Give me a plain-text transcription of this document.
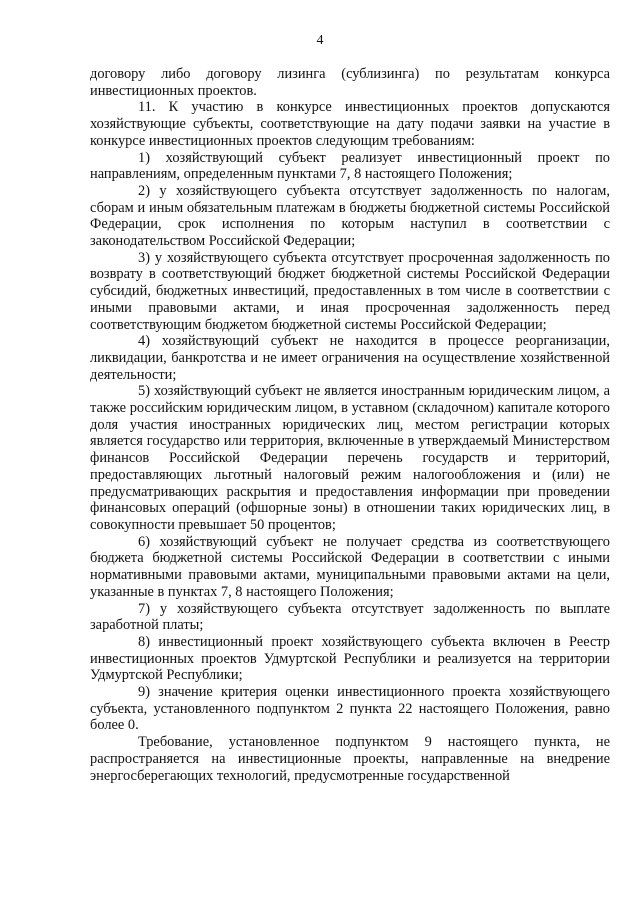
4

договору либо договору лизинга (сублизинга) по результатам конкурса инвестиционных проектов.

11. К участию в конкурсе инвестиционных проектов допускаются хозяйствующие субъекты, соответствующие на дату подачи заявки на участие в конкурсе инвестиционных проектов следующим требованиям:

1) хозяйствующий субъект реализует инвестиционный проект по направлениям, определенным пунктами 7, 8 настоящего Положения;

2) у хозяйствующего субъекта отсутствует задолженность по налогам, сборам и иным обязательным платежам в бюджеты бюджетной системы Российской Федерации, срок исполнения по которым наступил в соответствии с законодательством Российской Федерации;

3) у хозяйствующего субъекта отсутствует просроченная задолженность по возврату в соответствующий бюджет бюджетной системы Российской Федерации субсидий, бюджетных инвестиций, предоставленных в том числе в соответствии с иными правовыми актами, и иная просроченная задолженность перед соответствующим бюджетом бюджетной системы Российской Федерации;

4) хозяйствующий субъект не находится в процессе реорганизации, ликвидации, банкротства и не имеет ограничения на осуществление хозяйственной деятельности;

5) хозяйствующий субъект не является иностранным юридическим лицом, а также российским юридическим лицом, в уставном (складочном) капитале которого доля участия иностранных юридических лиц, местом регистрации которых является государство или территория, включенные в утверждаемый Министерством финансов Российской Федерации перечень государств и территорий, предоставляющих льготный налоговый режим налогообложения и (или) не предусматривающих раскрытия и предоставления информации при проведении финансовых операций (офшорные зоны) в отношении таких юридических лиц, в совокупности превышает 50 процентов;

6) хозяйствующий субъект не получает средства из соответствующего бюджета бюджетной системы Российской Федерации в соответствии с иными нормативными правовыми актами, муниципальными правовыми актами на цели, указанные в пунктах 7, 8 настоящего Положения;

7) у хозяйствующего субъекта отсутствует задолженность по выплате заработной платы;

8) инвестиционный проект хозяйствующего субъекта включен в Реестр инвестиционных проектов Удмуртской Республики и реализуется на территории Удмуртской Республики;

9) значение критерия оценки инвестиционного проекта хозяйствующего субъекта, установленного подпунктом 2 пункта 22 настоящего Положения, равно более 0.

Требование, установленное подпунктом 9 настоящего пункта, не распространяется на инвестиционные проекты, направленные на внедрение энергосберегающих технологий, предусмотренные государственной
